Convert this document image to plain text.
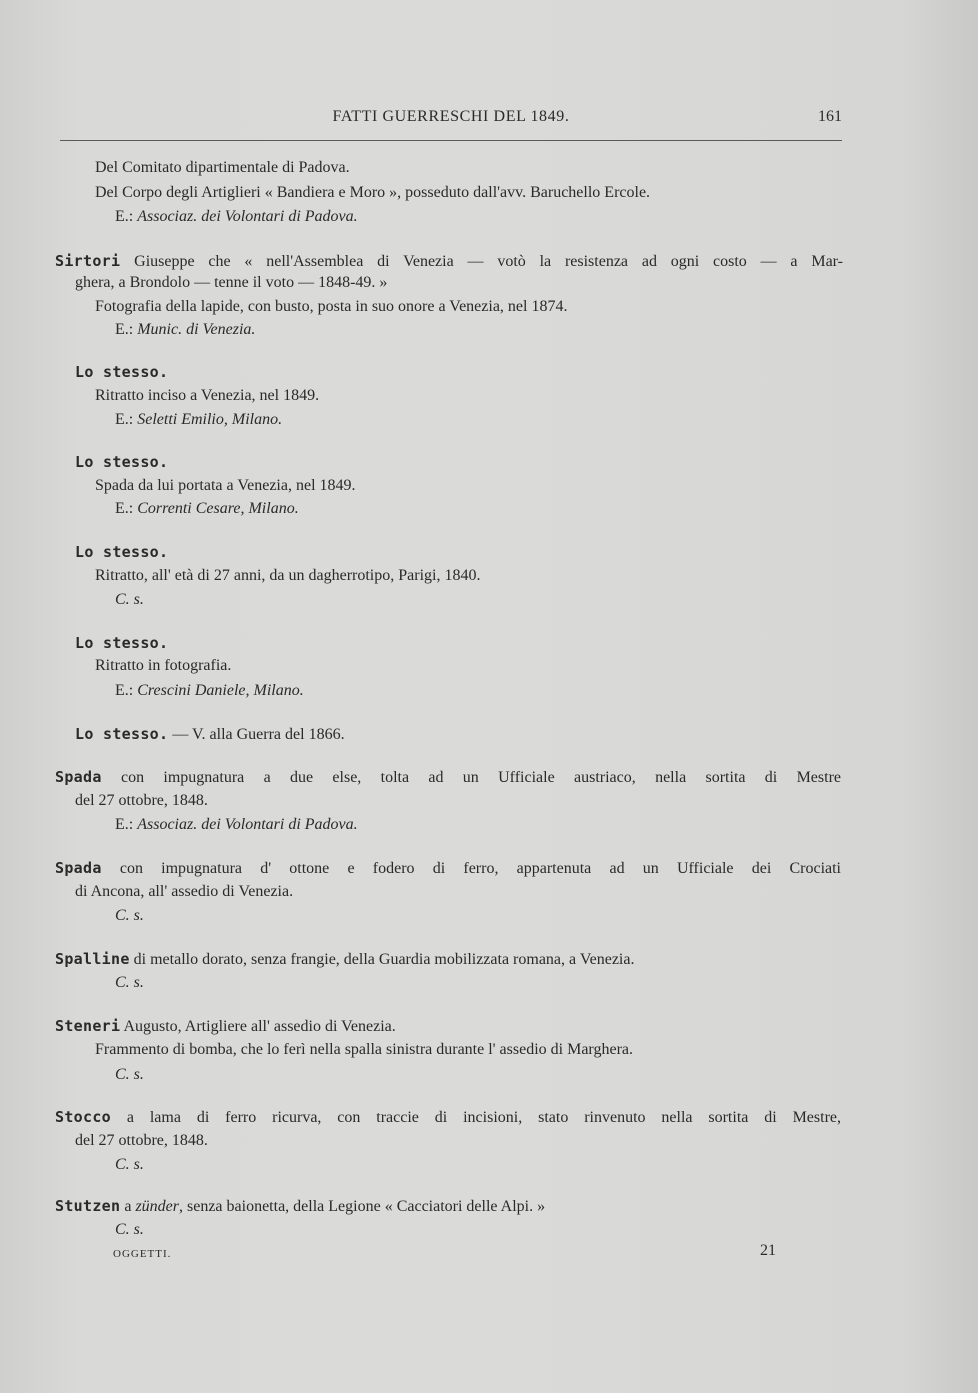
FATTI GUERRESCHI DEL 1849.	161
Del Comitato dipartimentale di Padova.
Del Corpo degli Artiglieri « Bandiera e Moro », posseduto dall'avv. Baruchello Ercole.
E.: Associaz. dei Volontari di Padova.
Sirtori Giuseppe che « nell'Assemblea di Venezia — votò la resistenza ad ogni costo — a Mar-
ghera, a Brondolo — tenne il voto — 1848-49. »
Fotografia della lapide, con busto, posta in suo onore a Venezia, nel 1874.
E.: Munic. di Venezia.
Lo stesso.
Ritratto inciso a Venezia, nel 1849.
E.: Seletti Emilio, Milano.
Lo stesso.
Spada da lui portata a Venezia, nel 1849.
E.: Correnti Cesare, Milano.
Lo stesso.
Ritratto, all' età di 27 anni, da un dagherrotipo, Parigi, 1840.
C. s.
Lo stesso.
Ritratto in fotografia.
E.: Crescini Daniele, Milano.
Lo stesso. — V. alla Guerra del 1866.
Spada con impugnatura a due else, tolta ad un Ufficiale austriaco, nella sortita di Mestre
del 27 ottobre, 1848.
E.: Associaz. dei Volontari di Padova.
Spada con impugnatura d' ottone e fodero di ferro, appartenuta ad un Ufficiale dei Crociati
di Ancona, all' assedio di Venezia.
C. s.
Spalline di metallo dorato, senza frangie, della Guardia mobilizzata romana, a Venezia.
C. s.
Steneri Augusto, Artigliere all' assedio di Venezia.
Frammento di bomba, che lo ferì nella spalla sinistra durante l' assedio di Marghera.
C. s.
Stocco a lama di ferro ricurva, con traccie di incisioni, stato rinvenuto nella sortita di Mestre,
del 27 ottobre, 1848.
C. s.
Stutzen a zünder, senza baionetta, della Legione « Cacciatori delle Alpi. »
C. s.
OGGETTI.	21
